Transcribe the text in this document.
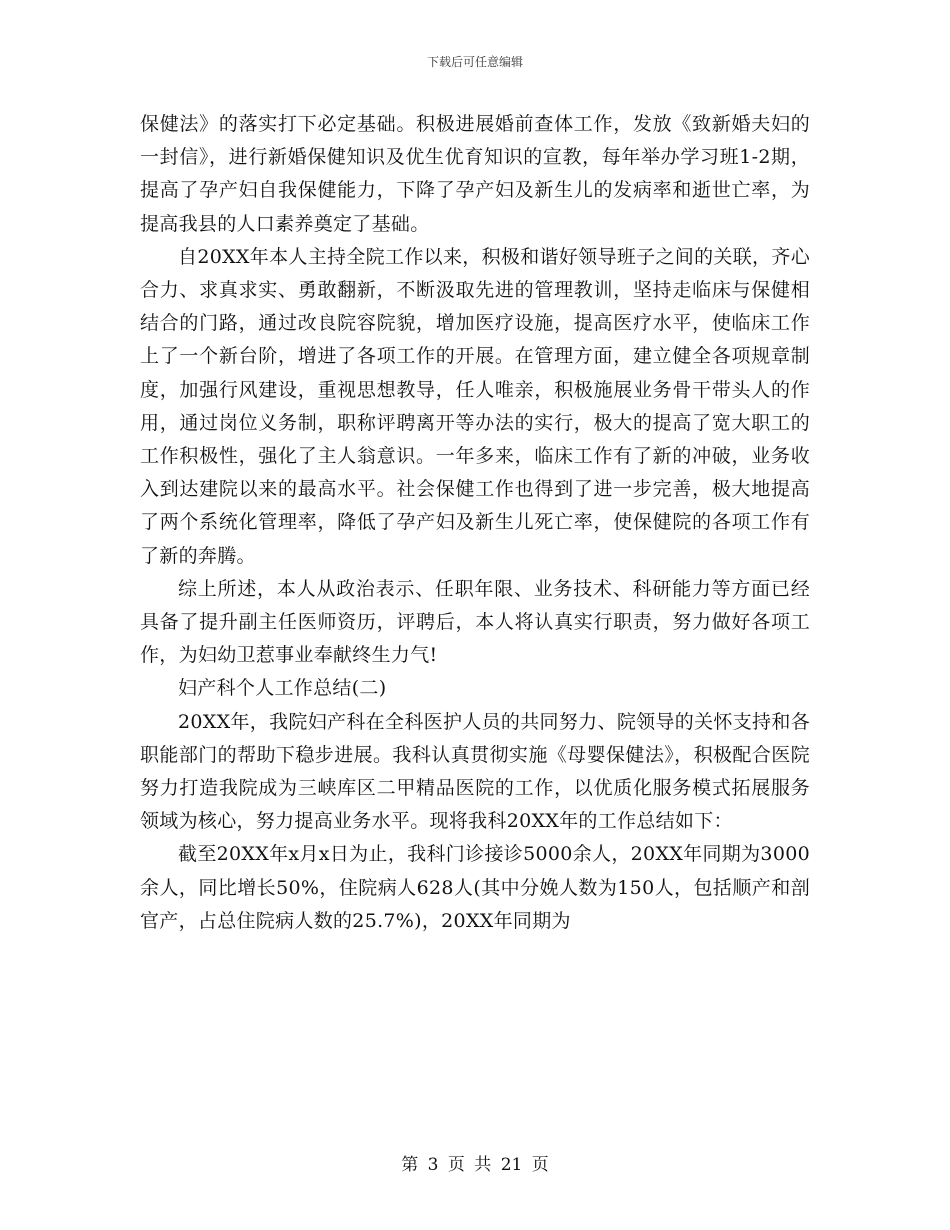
下载后可任意编辑

保健法》的落实打下必定基础。积极进展婚前查体工作，发放《致新婚夫妇的一封信》，进行新婚保健知识及优生优育知识的宣教，每年举办学习班1-2期，提高了孕产妇自我保健能力，下降了孕产妇及新生儿的发病率和逝世亡率，为提高我县的人口素养奠定了基础。

自20XX年本人主持全院工作以来，积极和谐好领导班子之间的关联，齐心合力、求真求实、勇敢翻新，不断汲取先进的管理教训，坚持走临床与保健相结合的门路，通过改良院容院貌，增加医疗设施，提高医疗水平，使临床工作上了一个新台阶，增进了各项工作的开展。在管理方面，建立健全各项规章制度，加强行风建设，重视思想教导，任人唯亲，积极施展业务骨干带头人的作用，通过岗位义务制，职称评聘离开等办法的实行，极大的提高了宽大职工的工作积极性，强化了主人翁意识。一年多来，临床工作有了新的冲破，业务收入到达建院以来的最高水平。社会保健工作也得到了进一步完善，极大地提高了两个系统化管理率，降低了孕产妇及新生儿死亡率，使保健院的各项工作有了新的奔腾。

综上所述，本人从政治表示、任职年限、业务技术、科研能力等方面已经具备了提升副主任医师资历，评聘后，本人将认真实行职责，努力做好各项工作，为妇幼卫惹事业奉献终生力气!

妇产科个人工作总结(二)

20XX年，我院妇产科在全科医护人员的共同努力、院领导的关怀支持和各职能部门的帮助下稳步进展。我科认真贯彻实施《母婴保健法》，积极配合医院努力打造我院成为三峡库区二甲精品医院的工作，以优质化服务模式拓展服务领域为核心，努力提高业务水平。现将我科20XX年的工作总结如下：

截至20XX年x月x日为止，我科门诊接诊5000余人，20XX年同期为3000余人，同比增长50%，住院病人628人(其中分娩人数为150人，包括顺产和剖官产，占总住院病人数的25.7%)，20XX年同期为

第 3 页 共 21 页
